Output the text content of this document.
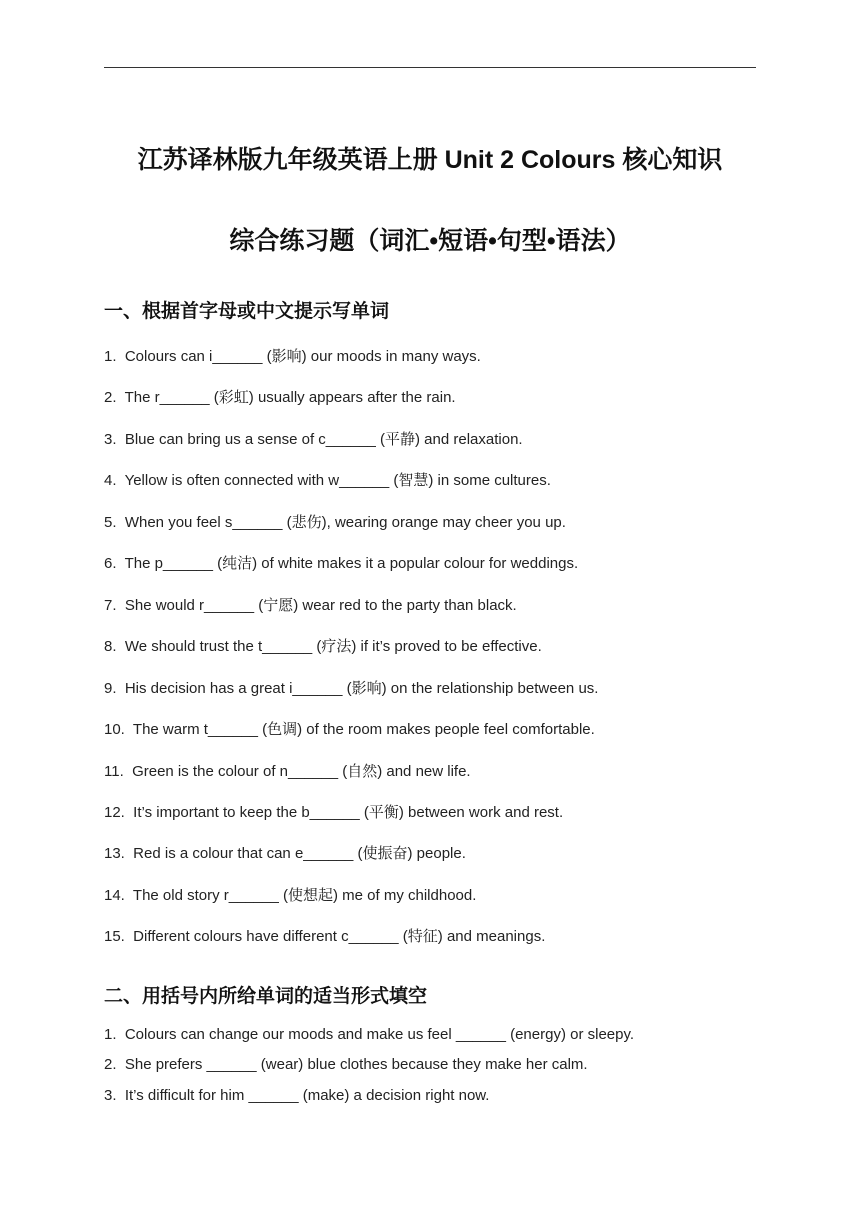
江苏译林版九年级英语上册 Unit 2 Colours 核心知识
综合练习题（词汇•短语•句型•语法）
一、根据首字母或中文提示写单词
1.  Colours can i______ (影响) our moods in many ways.
2.  The r______ (彩虹) usually appears after the rain.
3.  Blue can bring us a sense of c______ (平静) and relaxation.
4.  Yellow is often connected with w______ (智慧) in some cultures.
5.  When you feel s______ (悲伤), wearing orange may cheer you up.
6.  The p______ (纯洁) of white makes it a popular colour for weddings.
7.  She would r______ (宁愿) wear red to the party than black.
8.  We should trust the t______ (疗法) if it’s proved to be effective.
9.  His decision has a great i______ (影响) on the relationship between us.
10.  The warm t______ (色调) of the room makes people feel comfortable.
11.  Green is the colour of n______ (自然) and new life.
12.  It’s important to keep the b______ (平衡) between work and rest.
13.  Red is a colour that can e______ (使振奋) people.
14.  The old story r______ (使想起) me of my childhood.
15.  Different colours have different c______ (特征) and meanings.
二、用括号内所给单词的适当形式填空
1.  Colours can change our moods and make us feel ______ (energy) or sleepy.
2.  She prefers ______ (wear) blue clothes because they make her calm.
3.  It’s difficult for him ______ (make) a decision right now.
